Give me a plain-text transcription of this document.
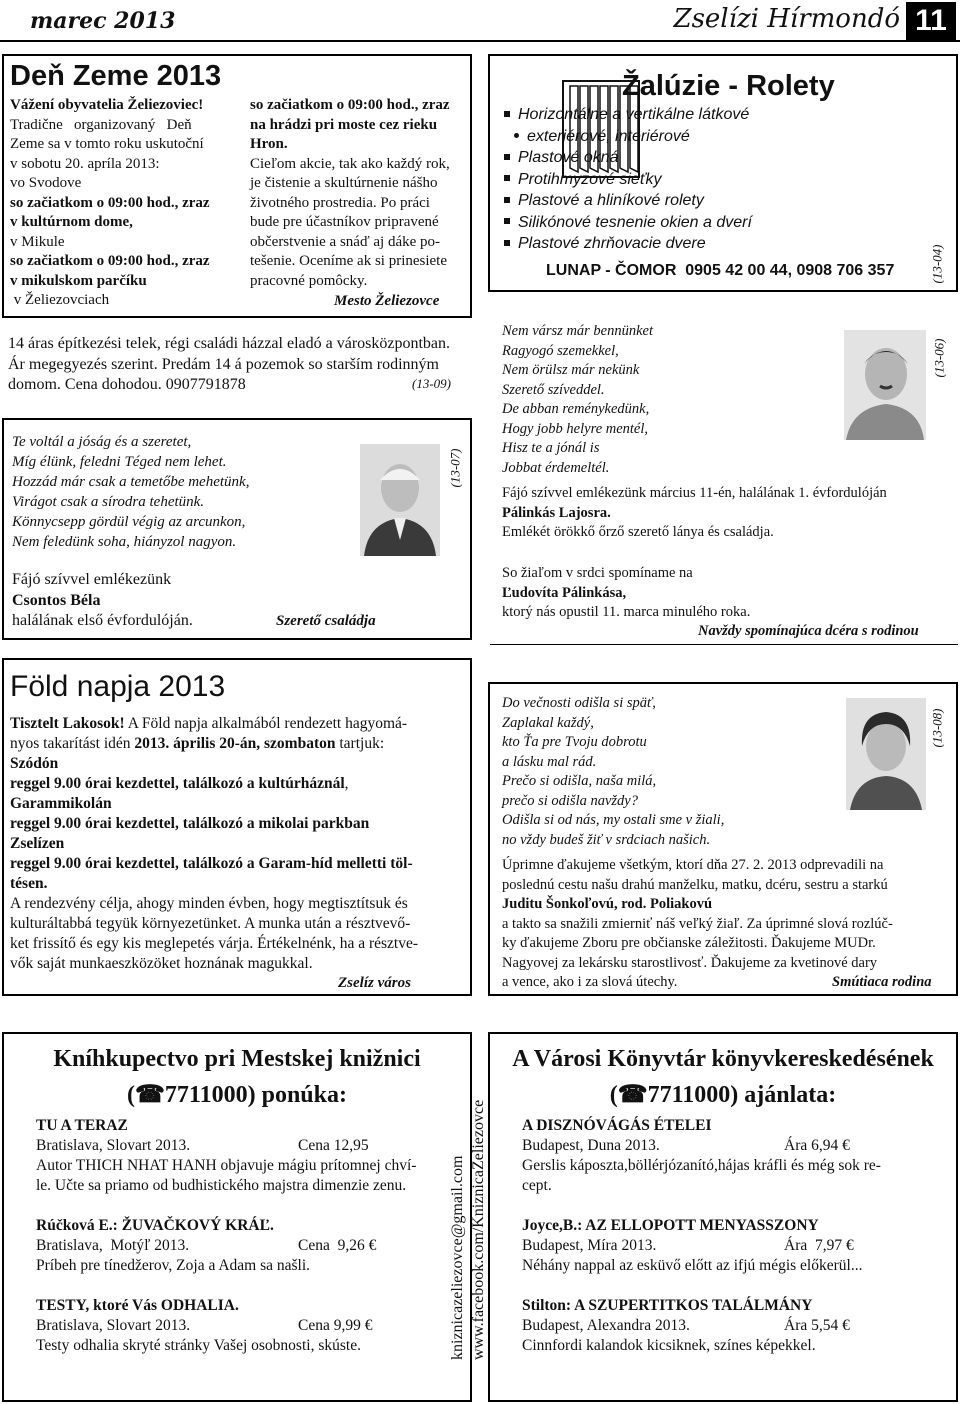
marec 2013	Zselízi Hírmondó 11
Deň Zeme 2013
Vážení obyvatelia Želiezoviec!
Tradične   organizovaný   Deň
Zeme sa v tomto roku uskutoční
v sobotu 20. apríla 2013:
vo Svodove
so začiatkom o 09:00 hod., zraz
v kultúrnom dome,
v Mikule
so začiatkom o 09:00 hod., zraz
v mikulskom parčíku
v Želiezovciach
so začiatkom o 09:00 hod., zraz
na hrádzi pri moste cez rieku
Hron.
Cieľom akcie, tak ako každý rok,
je čistenie a skultúrnenie nášho
životného prostredia. Po práci
bude pre účastníkov pripravené
občerstvenie a snáď aj dáke po-
tešenie. Oceníme ak si prinesiete
pracovné pomôcky.
Mesto Želiezovce
Žalúzie - Rolety
Horizontálne a vertikálne látkové
exteriérové, interiérové
Plastové okná
Protihmyzové sieťky
Plastové a hliníkové rolety
Silikónové tesnenie okien a dverí
Plastové zhrňovacie dvere
LUNAP - ČOMOR  0905 42 00 44, 0908 706 357	(13-04)
14 áras építkezési telek, régi családi házzal eladó a városközpontban.
Ár megegyezés szerint. Predám 14 á pozemok so starším rodinným
domom. Cena dohodou. 0907791878	(13-09)
Te voltál a jóság és a szeretet,
Míg élünk, feledni Téged nem lehet.
Hozzád már csak a temetőbe mehetünk,
Virágot csak a sírodra tehetünk.
Könnycsepp gördül végig az arcunkon,
Nem feledünk soha, hiányzol nagyon.
Fájó szívvel emlékezünk
Csontos Béla
halálának első évfordulóján.	Szerető családja
(13-07)
Nem vársz már bennünket
Ragyogó szemekkel,
Nem örülsz már nekünk
Szerető szíveddel.
De abban reménykedünk,
Hogy jobb helyre mentél,
Hisz te a jónál is
Jobbat érdemeltél.
(13-06)
Fájó szívvel emlékezünk március 11-én, halálának 1. évfordulóján
Pálinkás Lajosra.
Emlékét örökkő őrző szerető lánya és családja.
So žiaľom v srdci spomíname na
Ľudovíta Pálinkása,
ktorý nás opustil 11. marca minulého roka.
Navždy spomínajúca dcéra s rodinou
Föld napja 2013
Tisztelt Lakosok! A Föld napja alkalmából rendezett hagyomá-
nyos takarítást idén 2013. április 20-án, szombaton tartjuk:
Szódón
reggel 9.00 órai kezdettel, találkozó a kultúrháznál,
Garammikolán
reggel 9.00 órai kezdettel, találkozó a mikolai parkban
Zselízen
reggel 9.00 órai kezdettel, találkozó a Garam-híd melletti töl-
tésen.
A rendezvény célja, ahogy minden évben, hogy megtisztítsuk és
kulturáltabbá tegyük környezetünket. A munka után a résztvevő-
ket frissítő és egy kis meglepetés várja. Értékelnénk, ha a résztve-
vők saját munkaeszközöket hoznának magukkal.
Zselíz város
Do večnosti odišla si späť,
Zaplakal každý,
kto Ťa pre Tvoju dobrotu
a lásku mal rád.
Prečo si odišla, naša milá,
prečo si odišla navždy?
Odišla si od nás, my ostali sme v žiali,
no vždy budeš žiť v srdciach našich.
(13-08)
Úprimne ďakujeme všetkým, ktorí dňa 27. 2. 2013 odprevadili na
poslednú cestu našu drahú manželku, matku, dcéru, sestru a starkú
Juditu Šonkoľovú, rod. Poliakovú
a takto sa snažili zmierniť náš veľký žiaľ. Za úprimné slová rozlúč-
ky ďakujeme Zboru pre občianske záležitosti. Ďakujeme MUDr.
Nagyovej za lekársku starostlivosť. Ďakujeme za kvetinové dary
a vence, ako i za slová útechy.	Smútiaca rodina
Kníhkupectvo pri Mestskej knižnici
(☎7711000) ponúka:
TU A TERAZ
Bratislava, Slovart 2013.	Cena 12,95
Autor THICH NHAT HANH objavuje mágiu prítomnej chví-
le. Učte sa priamo od budhistického majstra dimenzie zenu.
Rúčková E.: ŽUVAČKOVÝ KRÁĽ.
Bratislava,  Motýľ 2013.	Cena  9,26 €
Príbeh pre tínedžerov, Zoja a Adam sa našli.
TESTY, ktoré Vás ODHALIA.
Bratislava, Slovart 2013.	Cena 9,99 €
Testy odhalia skryté stránky Vašej osobnosti, skúste.	kniznicazeliezovce@gmail.com www.facebook.com/KniznicaZeliezovce
A Városi Könyvtár könyvkereskedésének
(☎7711000) ajánlata:
A DISZNÓVÁGÁS ÉTELEI
Budapest, Duna 2013.	Ára 6,94 €
Gerslis káposzta,böllérjózanító,hájas kráfli és még sok re-
cept.
Joyce,B.: AZ ELLOPOTT MENYASSZONY
Budapest, Míra 2013.	Ára  7,97 €
Néhány nappal az esküvő előtt az ifjú mégis előkerül...
Stilton: A SZUPERTITKOS TALÁLMÁNY
Budapest, Alexandra 2013.	Ára 5,54 €
Cinnfordi kalandok kicsiknek, színes képekkel.
